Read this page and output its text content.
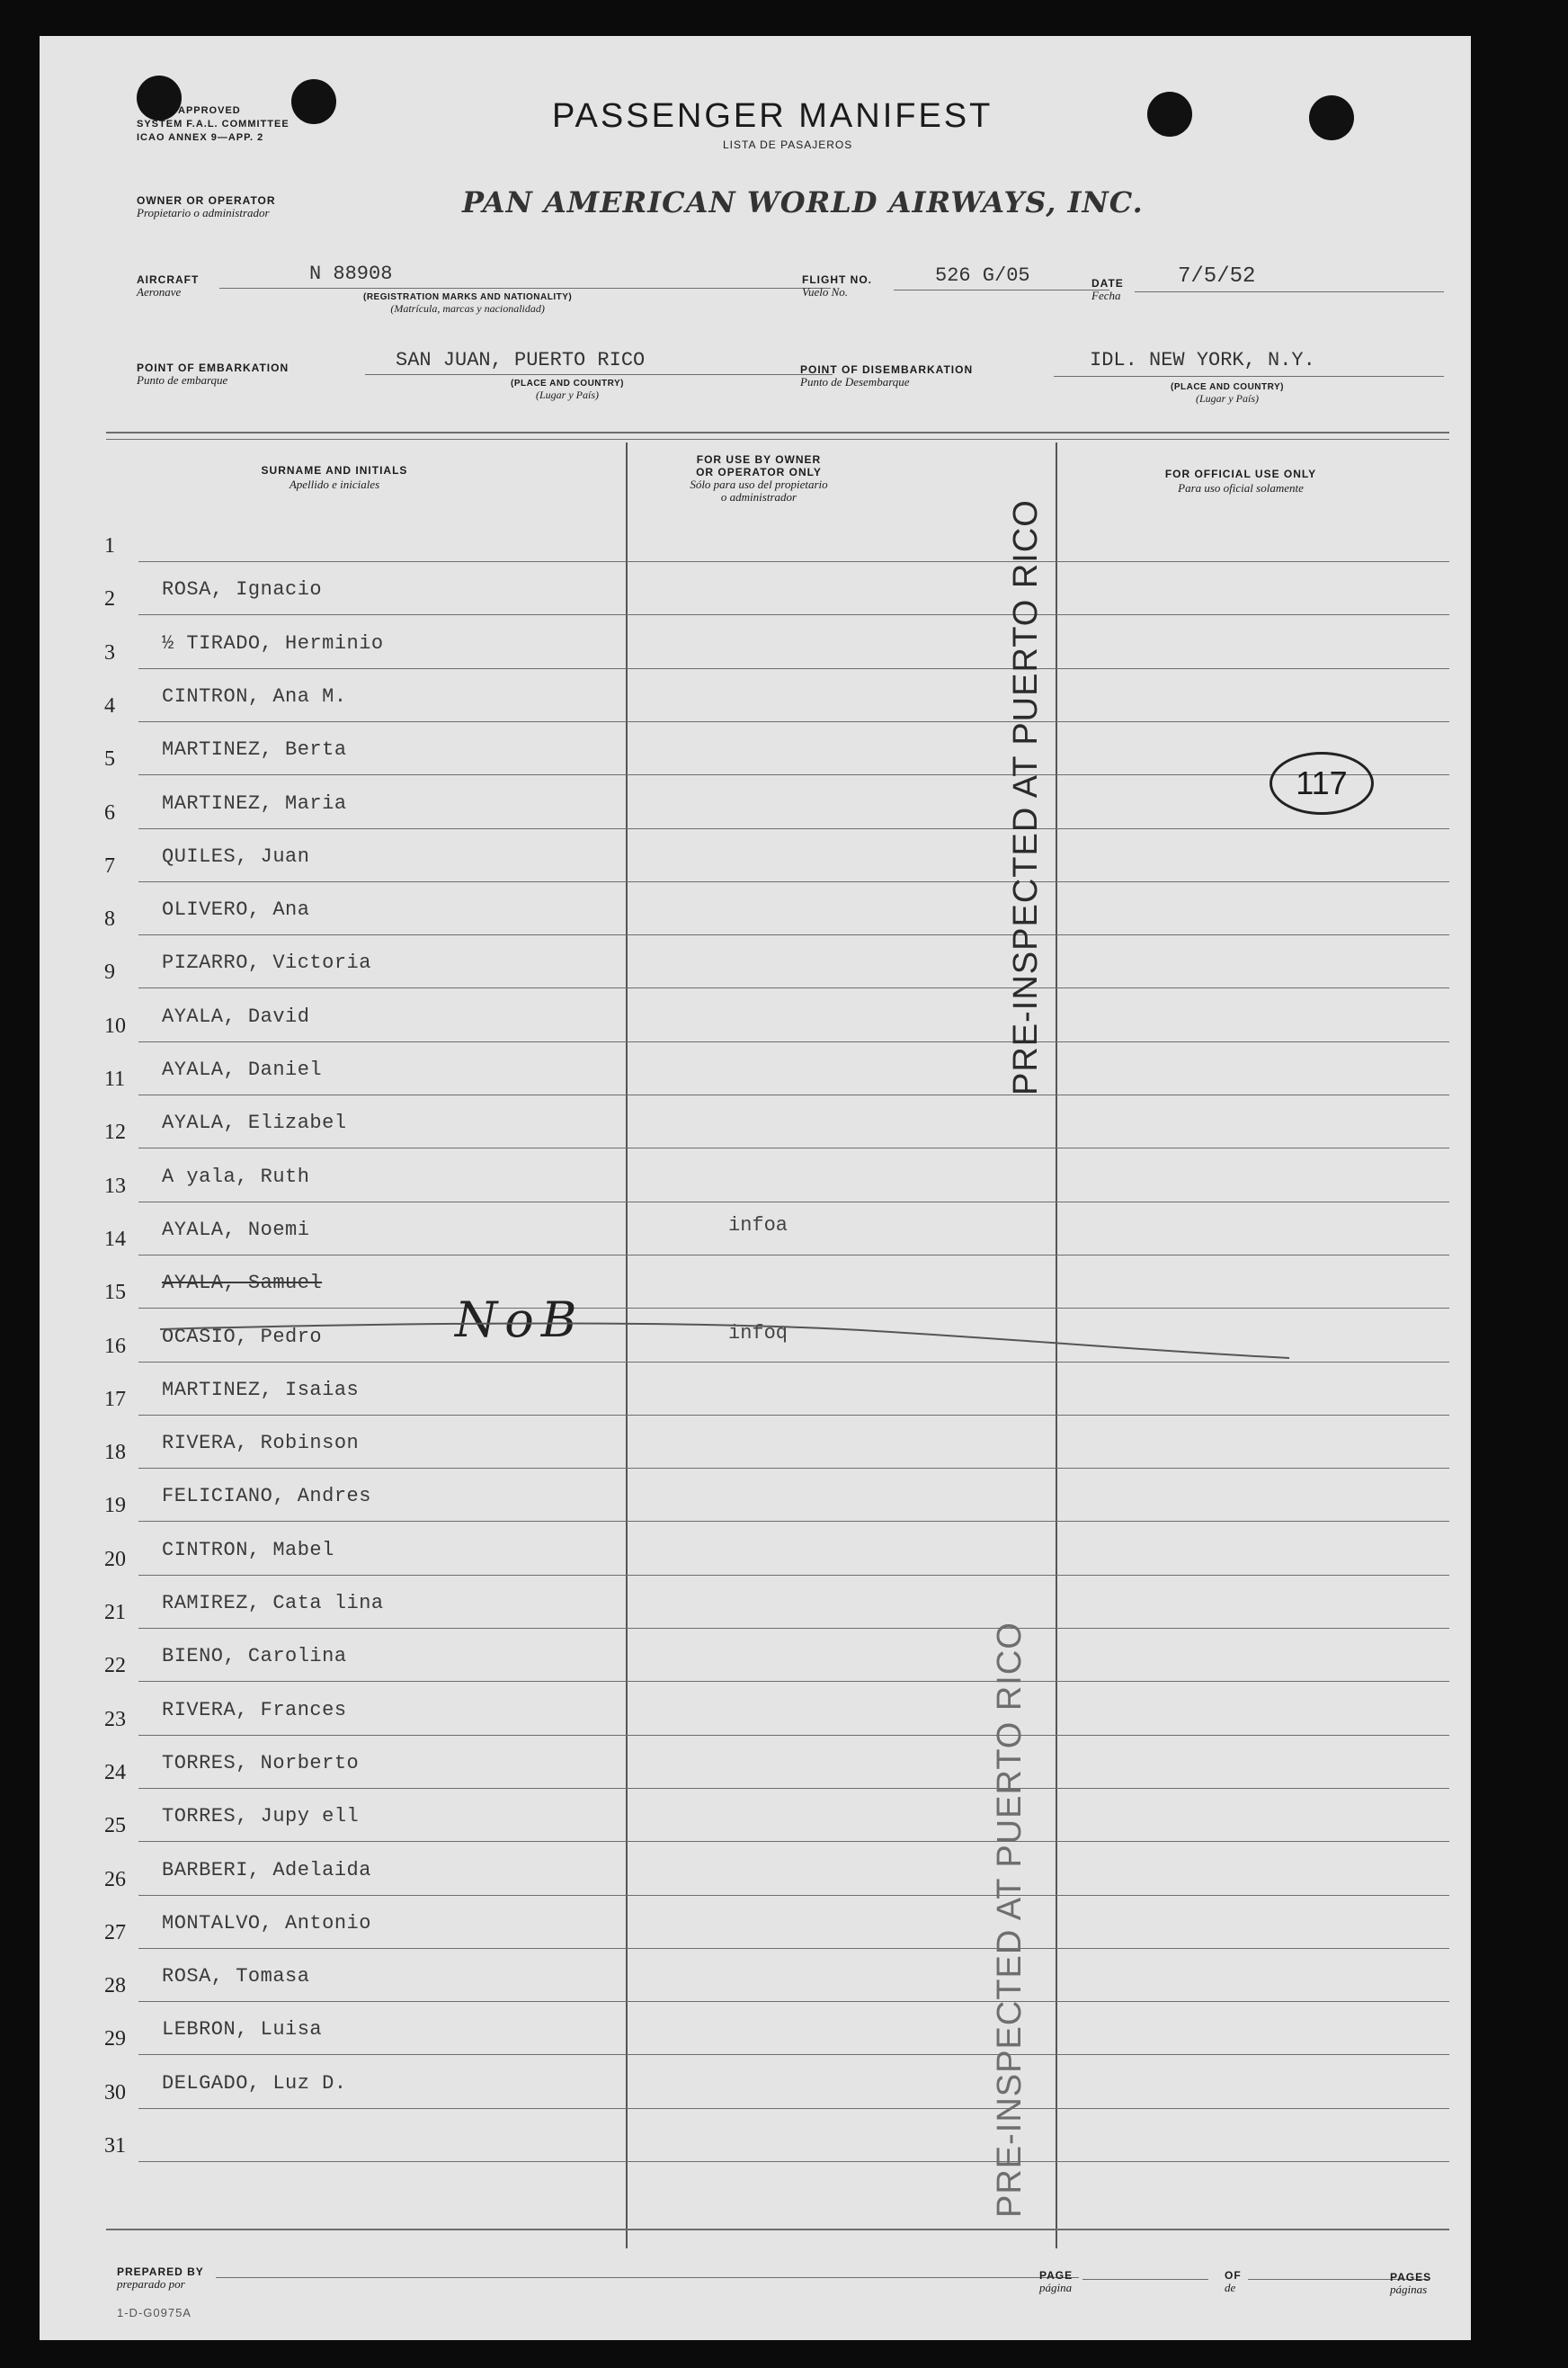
APPROVED
SYSTEM F.A.L. COMMITTEE
ICAO ANNEX 9—APP. 2
PASSENGER MANIFEST
LISTA DE PASAJEROS
OWNER OR OPERATOR
Propietario o administrador	PAN AMERICAN WORLD AIRWAYS, INC.
AIRCRAFT
Aeronave
N 88908
(REGISTRATION MARKS AND NATIONALITY)
(Matrícula, marcas y nacionalidad)
FLIGHT NO.
Vuelo No.
526 G/05	DATE
Fecha
7/5/52
POINT OF EMBARKATION
Punto de embarque
SAN JUAN, PUERTO RICO
(PLACE AND COUNTRY)
(Lugar y País)
POINT OF DISEMBARKATION
Punto de Desembarque
IDL. NEW YORK, N.Y.
(PLACE AND COUNTRY)
(Lugar y País)
SURNAME AND INITIALS
Apellido e iniciales
FOR USE BY OWNER
OR OPERATOR ONLY
Sólo para uso del propietario
o administrador
FOR OFFICIAL USE ONLY
Para uso oficial solamente
1
2 ROSA, Ignacio
3 ½ TIRADO, Herminio
4 CINTRON, Ana M.
5 MARTINEZ, Berta
6 MARTINEZ, Maria
7 QUILES, Juan
8 OLIVERO, Ana
9 PIZARRO, Victoria
10 AYALA, David
11 AYALA, Daniel
12 AYALA, Elizabel
13 A yala, Ruth
14 AYALA, Noemi
15 AYALA, Samuel
16 OCASIO, Pedro
17 MARTINEZ, Isaias
18 RIVERA, Robinson
19 FELICIANO, Andres
20 CINTRON, Mabel
21 RAMIREZ, Cata lina
22 BIENO, Carolina
23 RIVERA, Frances
24 TORRES, Norberto
25 TORRES, Jupy ell
26 BARBERI, Adelaida
27 MONTALVO, Antonio
28 ROSA, Tomasa
29 LEBRON, Luisa
30 DELGADO, Luz D.
31
infoa
infoq
NoB
117
PRE-INSPECTED AT PUERTO RICO
PRE-INSPECTED AT PUERTO RICO
PREPARED BY
preparado por
1-D-G0975A
PAGE
página
OF
de
PAGES
páginas
